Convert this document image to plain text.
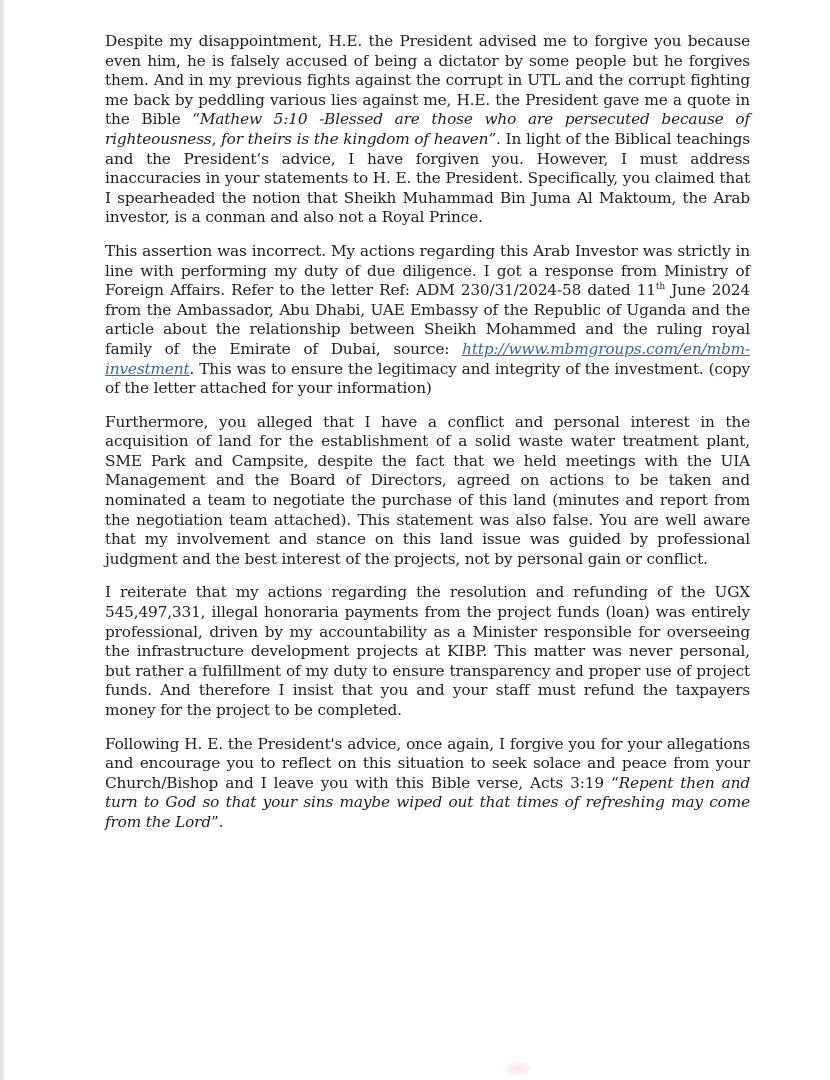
Despite my disappointment, H.E. the President advised me to forgive you because even him, he is falsely accused of being a dictator by some people but he forgives them. And in my previous fights against the corrupt in UTL and the corrupt fighting me back by peddling various lies against me, H.E. the President gave me a quote in the Bible “Mathew 5:10 -Blessed are those who are persecuted because of righteousness, for theirs is the kingdom of heaven”. In light of the Biblical teachings and the President’s advice, I have forgiven you. However, I must address inaccuracies in your statements to H. E. the President. Specifically, you claimed that I spearheaded the notion that Sheikh Muhammad Bin Juma Al Maktoum, the Arab investor, is a conman and also not a Royal Prince.

This assertion was incorrect. My actions regarding this Arab Investor was strictly in line with performing my duty of due diligence. I got a response from Ministry of Foreign Affairs. Refer to the letter Ref: ADM 230/31/2024-58 dated 11th June 2024 from the Ambassador, Abu Dhabi, UAE Embassy of the Republic of Uganda and the article about the relationship between Sheikh Mohammed and the ruling royal family of the Emirate of Dubai, source: http://www.mbmgroups.com/en/mbm-investment. This was to ensure the legitimacy and integrity of the investment. (copy of the letter attached for your information)

Furthermore, you alleged that I have a conflict and personal interest in the acquisition of land for the establishment of a solid waste water treatment plant, SME Park and Campsite, despite the fact that we held meetings with the UIA Management and the Board of Directors, agreed on actions to be taken and nominated a team to negotiate the purchase of this land (minutes and report from the negotiation team attached). This statement was also false. You are well aware that my involvement and stance on this land issue was guided by professional judgment and the best interest of the projects, not by personal gain or conflict.

I reiterate that my actions regarding the resolution and refunding of the UGX 545,497,331, illegal honoraria payments from the project funds (loan) was entirely professional, driven by my accountability as a Minister responsible for overseeing the infrastructure development projects at KIBP. This matter was never personal, but rather a fulfillment of my duty to ensure transparency and proper use of project funds. And therefore I insist that you and your staff must refund the taxpayers money for the project to be completed.

Following H. E. the President's advice, once again, I forgive you for your allegations and encourage you to reflect on this situation to seek solace and peace from your Church/Bishop and I leave you with this Bible verse, Acts 3:19 “Repent then and turn to God so that your sins maybe wiped out that times of refreshing may come from the Lord”.
